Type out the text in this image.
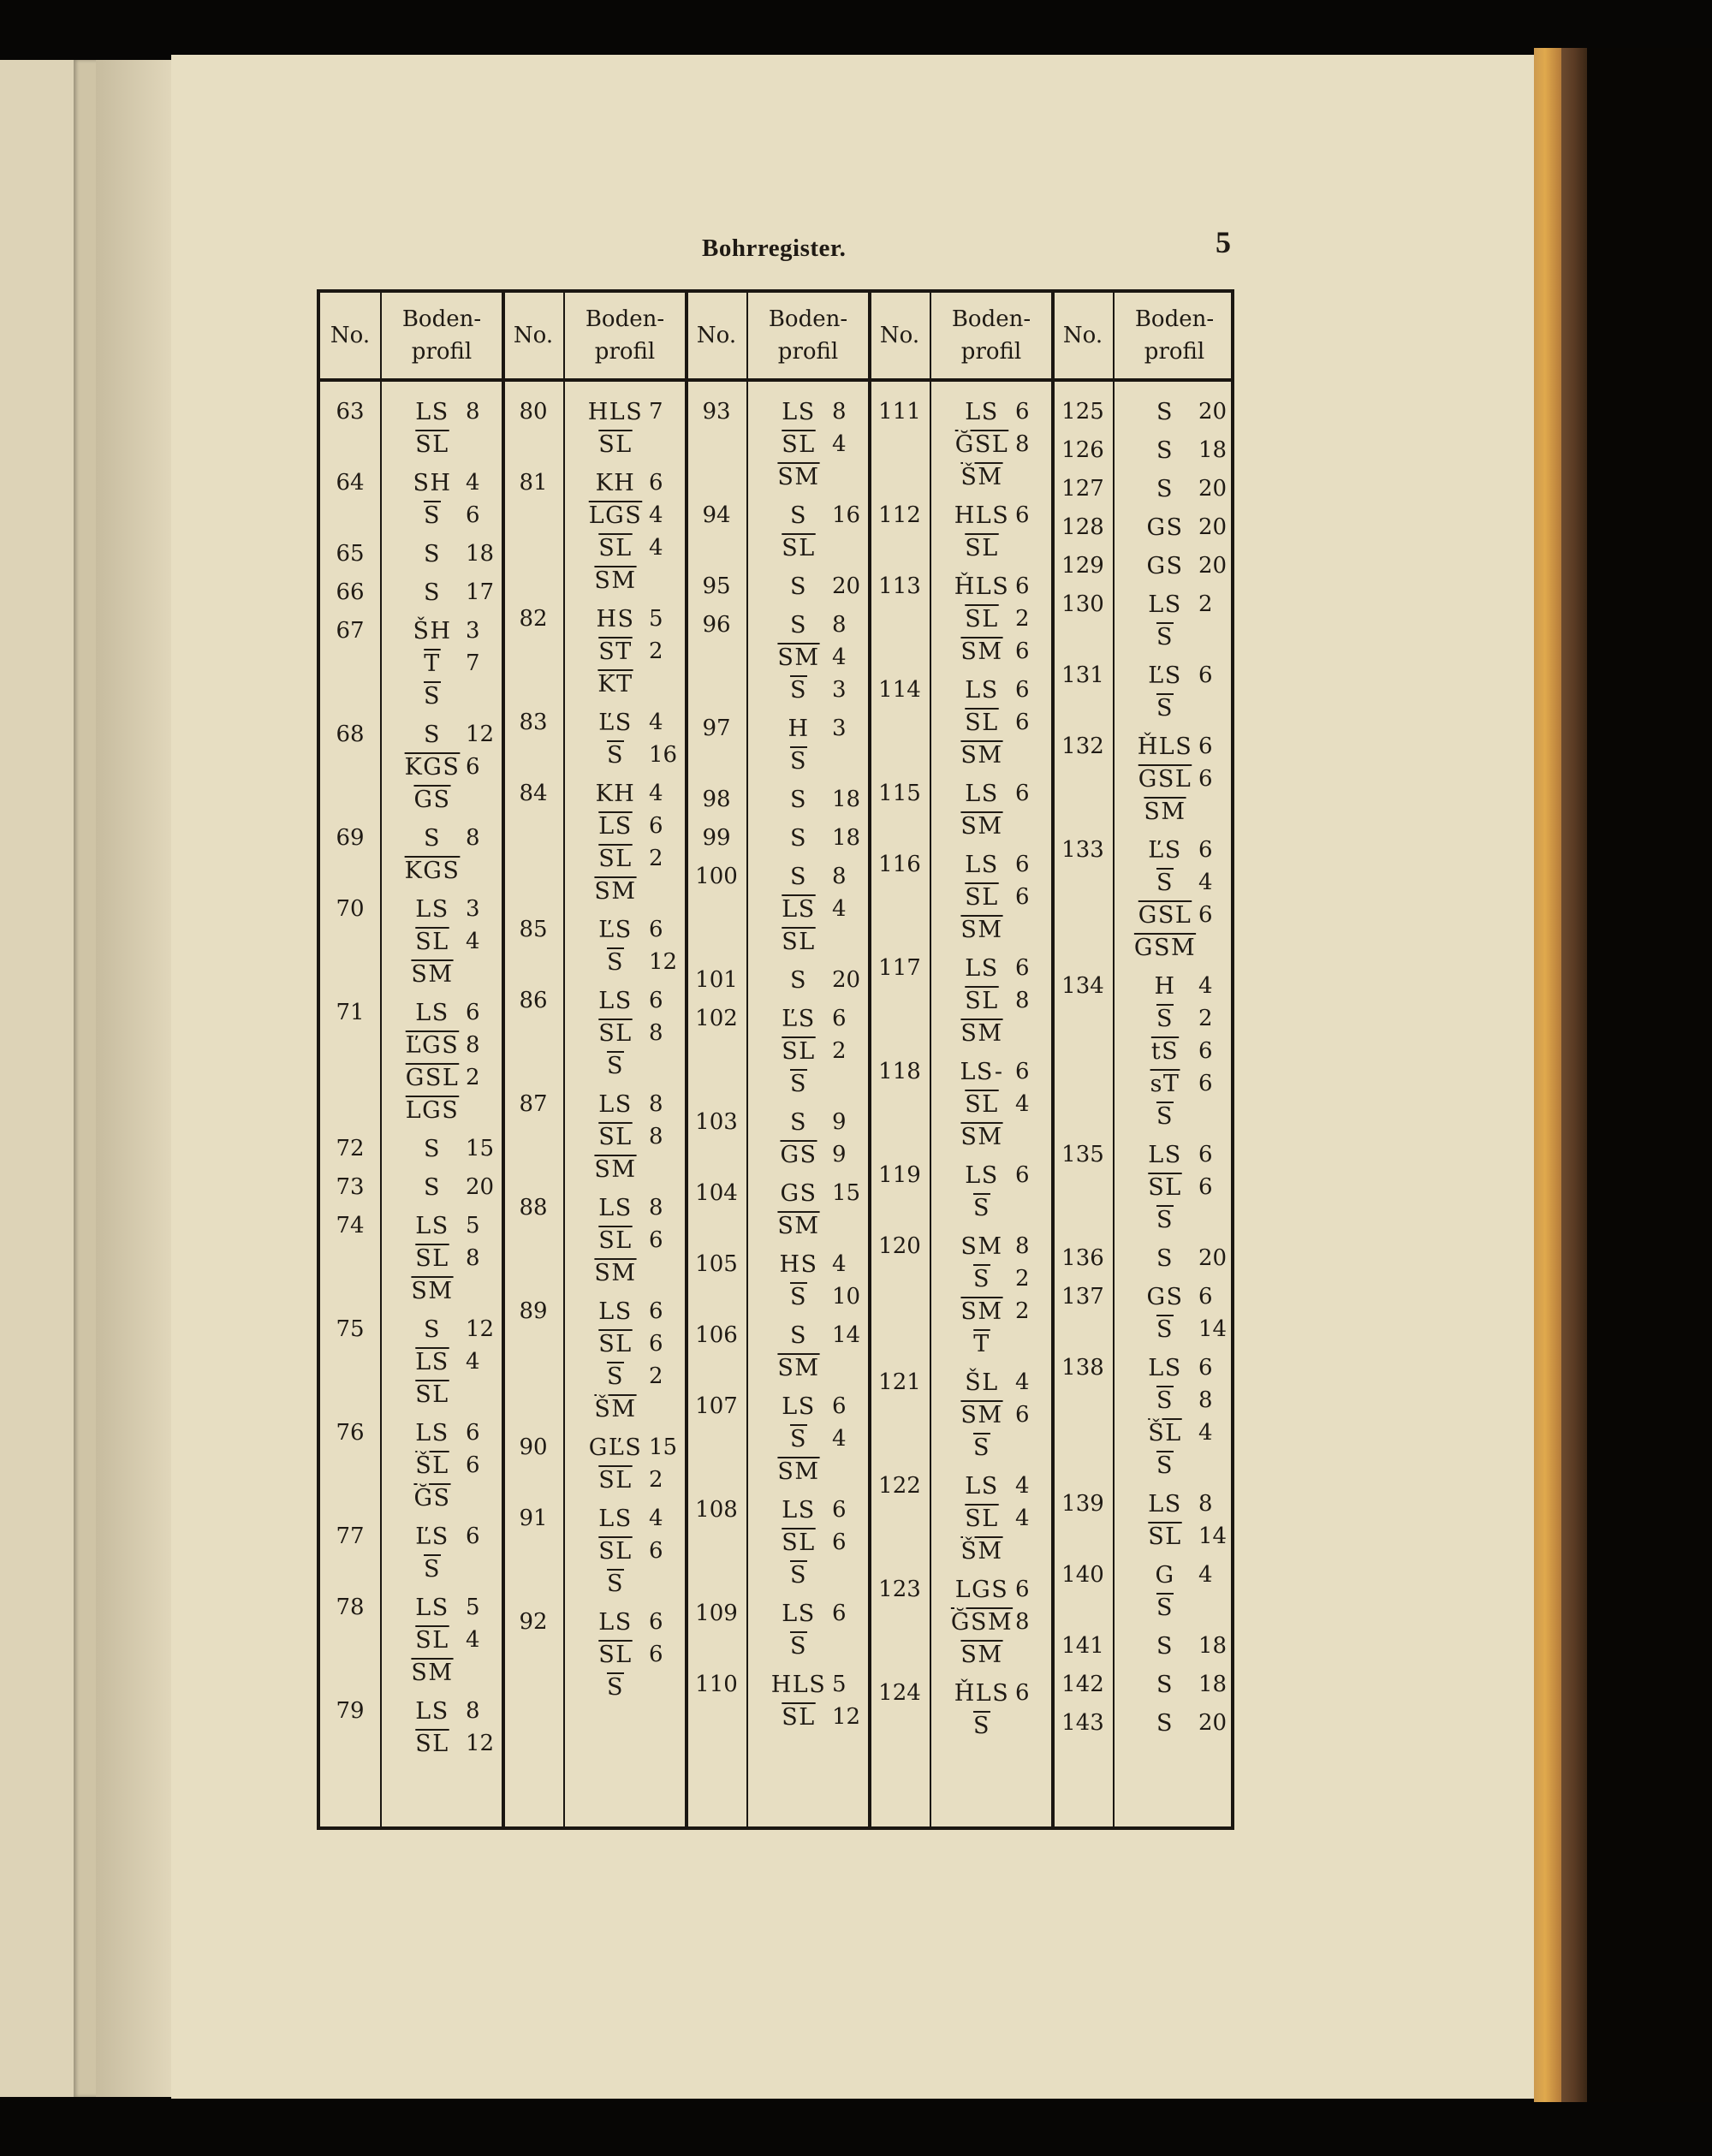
Bohrregister.	5
No.
Boden-
profil
63	LS 8
$\overline{SL}$
64	SH 4
$\overline{S}$	6
65	S	18
66	S	17
67	ŠH 3
$\overline{T}$	7
$\overline{S}$
68	S	12
$\overline{KGS}$ 6
$\overline{GS}$
69	S	8
$\overline{KGS}$
70	LS 3
$\overline{SL}$ 4
$\overline{SM}$
71	LS 6
$\overline{ĽGS}$ 8
$\overline{GSL}$ 2
$\overline{LGS}$
72	S	15
73	S	20
74	LS 5
$\overline{SL}$ 8
$\overline{SM}$
75	S	12
$\overline{LS}$ 4
$\overline{SL}$
76	LS 6
$\overline{ŠL}$ 6
$\overline{ĞS}$
77	ĽS 6
$\overline{S}$
78	LS 5
$\overline{SL}$ 4
$\overline{SM}$
79	LS 8
$\overline{SL}$ 12
No.
Boden-
profil
80	HLS 7
$\overline{SL}$
81	KH 6
$\overline{LGS}$ 4
$\overline{SL}$ 4
$\overline{SM}$
82	HS 5
$\overline{ST}$ 2
$\overline{KT}$
83	ĽS 4
$\overline{S}$	16
84	KH 4
$\overline{LS}$ 6
$\overline{SL}$ 2
$\overline{SM}$
85	ĽS 6
$\overline{S}$	12
86	LS 6
$\overline{SL}$ 8
$\overline{S}$
87	LS 8
$\overline{SL}$ 8
$\overline{SM}$
88	LS 8
$\overline{SL}$ 6
$\overline{SM}$
89	LS 6
$\overline{SL}$ 6
$\overline{S}$	2
$\overline{ŠM}$
90	GĽS 15
$\overline{SL}$ 2
91	LS 4
$\overline{SL}$ 6
$\overline{S}$
92	LS 6
$\overline{SL}$ 6
$\overline{S}$
No.
Boden-
profil
93	LS 8
$\overline{SL}$ 4
$\overline{SM}$
94	S	16
$\overline{SL}$
95	S	20
96	S	8
$\overline{SM}$ 4
$\overline{S}$	3
97	H	3
$\overline{S}$
98	S	18
99	S	18
100	S	8
$\overline{LS}$ 4
$\overline{SL}$
101	S	20
102	ĽS 6
$\overline{SL}$ 2
$\overline{S}$
103	S	9
$\overline{GS}$ 9
104	GS 15
$\overline{SM}$
105	HS 4
$\overline{S}$	10
106	S	14
$\overline{SM}$
107	LS 6
$\overline{S}$	4
$\overline{SM}$
108	LS 6
$\overline{SL}$ 6
$\overline{S}$
109	LS 6
$\overline{S}$
110	HLS 5
$\overline{SL}$ 12
No.
Boden-
profil
111	LS 6
$\overline{ĞSL}$ 8
$\overline{ŠM}$
112	HLS 6
$\overline{SL}$
113	ȞLS 6
$\overline{SL}$ 2
$\overline{SM}$ 6
114	LS 6
$\overline{SL}$ 6
$\overline{SM}$
115	LS 6
$\overline{SM}$
116	LS 6
$\overline{SL}$ 6
$\overline{SM}$
117	LS 6
$\overline{SL}$ 8
$\overline{SM}$
118	LS- 6
$\overline{SL}$ 4
$\overline{SM}$
119	LS 6
$\overline{S}$
120	SM 8
$\overline{S}$	2
$\overline{SM}$ 2
$\overline{T}$
121	ŠL 4
$\overline{SM}$ 6
$\overline{S}$
122	LS 4
$\overline{SL}$ 4
$\overline{ŠM}$
123	LGS 6
$\overline{ĞSM}$ 8
$\overline{SM}$
124	ȞLS 6
$\overline{S}$
No.
Boden-
profil
125	S	20
126	S	18
127	S	20
128	GS 20
129	GS 20
130	LS 2
$\overline{S}$
131	ĽS 6
$\overline{S}$
132	ȞLS 6
$\overline{GSL}$ 6
$\overline{SM}$
133	ĽS 6
$\overline{S}$	4
$\overline{GSL}$ 6
$\overline{GSM}$
134	H	4
$\overline{S}$	2
$\overline{tS}$ 6
$\overline{sT}$ 6
$\overline{S}$
135	LS 6
$\overline{SL}$ 6
$\overline{S}$
136	S	20
137	GS 6
$\overline{S}$	14
138	LS 6
$\overline{S}$	8
$\overline{ŠL}$ 4
$\overline{S}$
139	LS 8
$\overline{SL}$ 14
140	G	4
$\overline{S}$
141	S	18
142	S	18
143	S	20
